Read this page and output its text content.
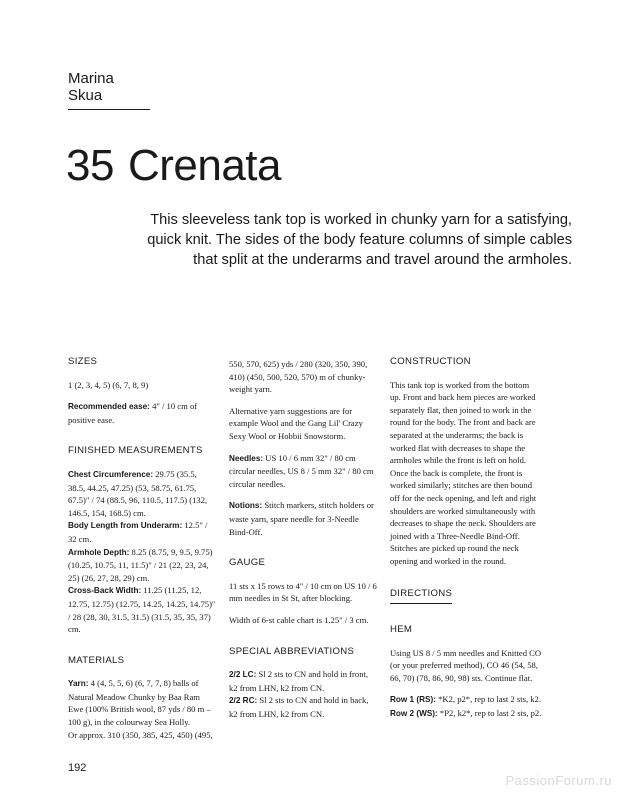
Marina Skua
35 Crenata

This sleeveless tank top is worked in chunky yarn for a satisfying, quick knit. The sides of the body feature columns of simple cables that split at the underarms and travel around the armholes.

SIZES

1 (2, 3, 4, 5) (6, 7, 8, 9)

Recommended ease: 4" / 10 cm of positive ease.

FINISHED MEASUREMENTS

Chest Circumference: 29.75 (35.5, 38.5, 44.25, 47.25) (53, 58.75, 61.75, 67.5)" / 74 (88.5, 96, 110.5, 117.5) (132, 146.5, 154, 168.5) cm.

Body Length from Underarm: 12.5" / 32 cm.

Armhole Depth: 8.25 (8.75, 9, 9.5, 9.75) (10.25, 10.75, 11, 11.5)" / 21 (22, 23, 24, 25) (26, 27, 28, 29) cm.

Cross-Back Width: 11.25 (11.25, 12, 12.75, 12.75) (12.75, 14.25, 14.25, 14.75)" / 28 (28, 30, 31.5, 31.5) (31.5, 35, 35, 37) cm.

MATERIALS

Yarn: 4 (4, 5, 5, 6) (6, 7, 7, 8) balls of Natural Meadow Chunky by Baa Ram Ewe (100% British wool, 87 yds / 80 m – 100 g), in the colourway Sea Holly.

Or approx. 310 (350, 385, 425, 450) (495,

550, 570, 625) yds / 280 (320, 350, 390, 410) (450, 500, 520, 570) m of chunky-weight yarn.

Alternative yarn suggestions are for example Wool and the Gang Lil' Crazy Sexy Wool or Hobbii Snowstorm.

Needles: US 10 / 6 mm 32" / 80 cm circular needles, US 8 / 5 mm 32" / 80 cm circular needles.

Notions: Stitch markers, stitch holders or waste yarn, spare needle for 3-Needle Bind-Off.

GAUGE

11 sts x 15 rows to 4" / 10 cm on US 10 / 6 mm needles in St St, after blocking.

Width of 6-st cable chart is 1.25" / 3 cm.

SPECIAL ABBREVIATIONS

2/2 LC: Sl 2 sts to CN and hold in front, k2 from LHN, k2 from CN.

2/2 RC: Sl 2 sts to CN and hold in back, k2 from LHN, k2 from CN.

CONSTRUCTION

This tank top is worked from the bottom up. Front and back hem pieces are worked separately flat, then joined to work in the round for the body. The front and back are separated at the underarms; the back is worked flat with decreases to shape the armholes while the front is left on hold. Once the back is complete, the front is worked similarly; stitches are then bound off for the neck opening, and left and right shoulders are worked simultaneously with decreases to shape the neck. Shoulders are joined with a Three-Needle Bind-Off. Stitches are picked up round the neck opening and worked in the round.

DIRECTIONS
HEM

Using US 8 / 5 mm needles and Knitted CO (or your preferred method), CO 46 (54, 58, 66, 70) (78, 86, 90, 98) sts. Continue flat.

Row 1 (RS): *K2, p2*, rep to last 2 sts, k2.

Row 2 (WS): *P2, k2*, rep to last 2 sts, p2.

192
PassionForum.ru
